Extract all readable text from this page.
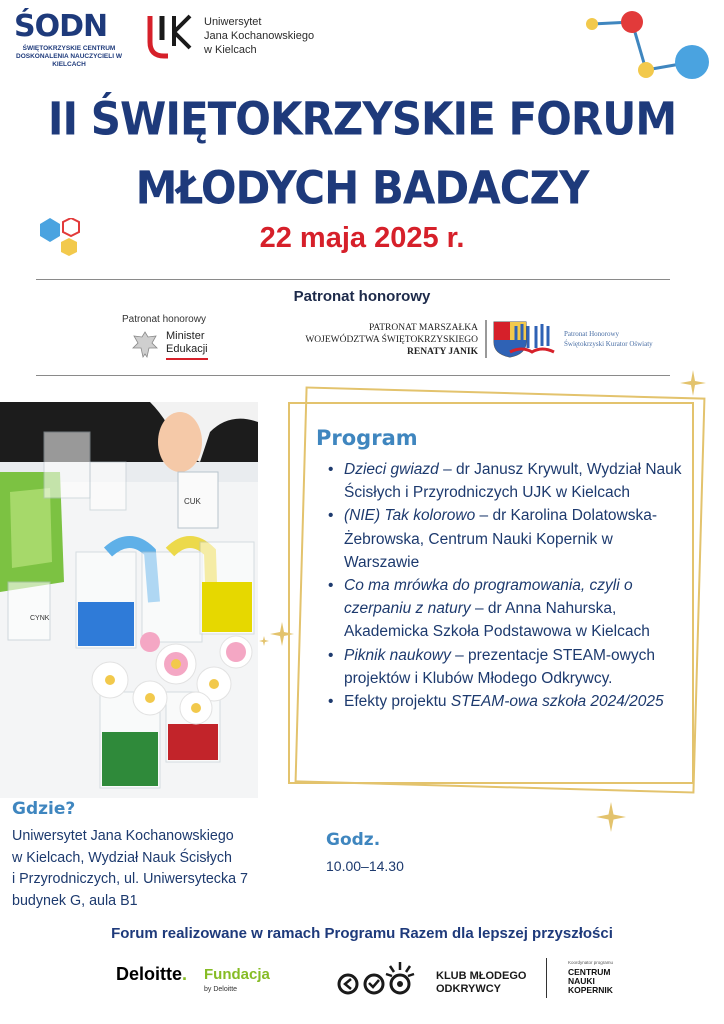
ŚODN
ŚWIĘTOKRZYSKIE CENTRUM DOSKONALENIA NAUCZYCIELI W KIELCACH
Uniwersytet
Jana Kochanowskiego
w Kielcach
II ŚWIĘTOKRZYSKIE FORUM
MŁODYCH BADACZY
22 maja 2025 r.
Patronat honorowy
Patronat honorowy
Minister
Edukacji
PATRONAT MARSZAŁKA
WOJEWÓDZTWA ŚWIĘTOKRZYSKIEGO
RENATY JANIK
Patronat Honorowy
Świętokrzyski Kurator Oświaty
CUK
CYNK
Program
• Dzieci gwiazd – dr Janusz Krywult, Wydział Nauk Ścisłych i Przyrodniczych UJK w Kielcach
• (NIE) Tak kolorowo – dr Karolina Dolatowska-Żebrowska, Centrum Nauki Kopernik w Warszawie
• Co ma mrówka do programowania, czyli o czerpaniu z natury – dr Anna Nahurska, Akademicka Szkoła Podstawowa w Kielcach
• Piknik naukowy – prezentacje STEAM-owych projektów i Klubów Młodego Odkrywcy.
• Efekty projektu STEAM-owa szkoła 2024/2025
Gdzie?
Uniwersytet Jana Kochanowskiego
w Kielcach, Wydział Nauk Ścisłych
i Przyrodniczych, ul. Uniwersytecka 7
budynek G, aula B1
Godz.
10.00–14.30
Forum realizowane w ramach Programu Razem dla lepszej przyszłości
Deloitte. Fundacja
by Deloitte
KLUB MŁODEGO
ODKRYWCY
Koordynator programu
CENTRUM
NAUKI
KOPERNIK
